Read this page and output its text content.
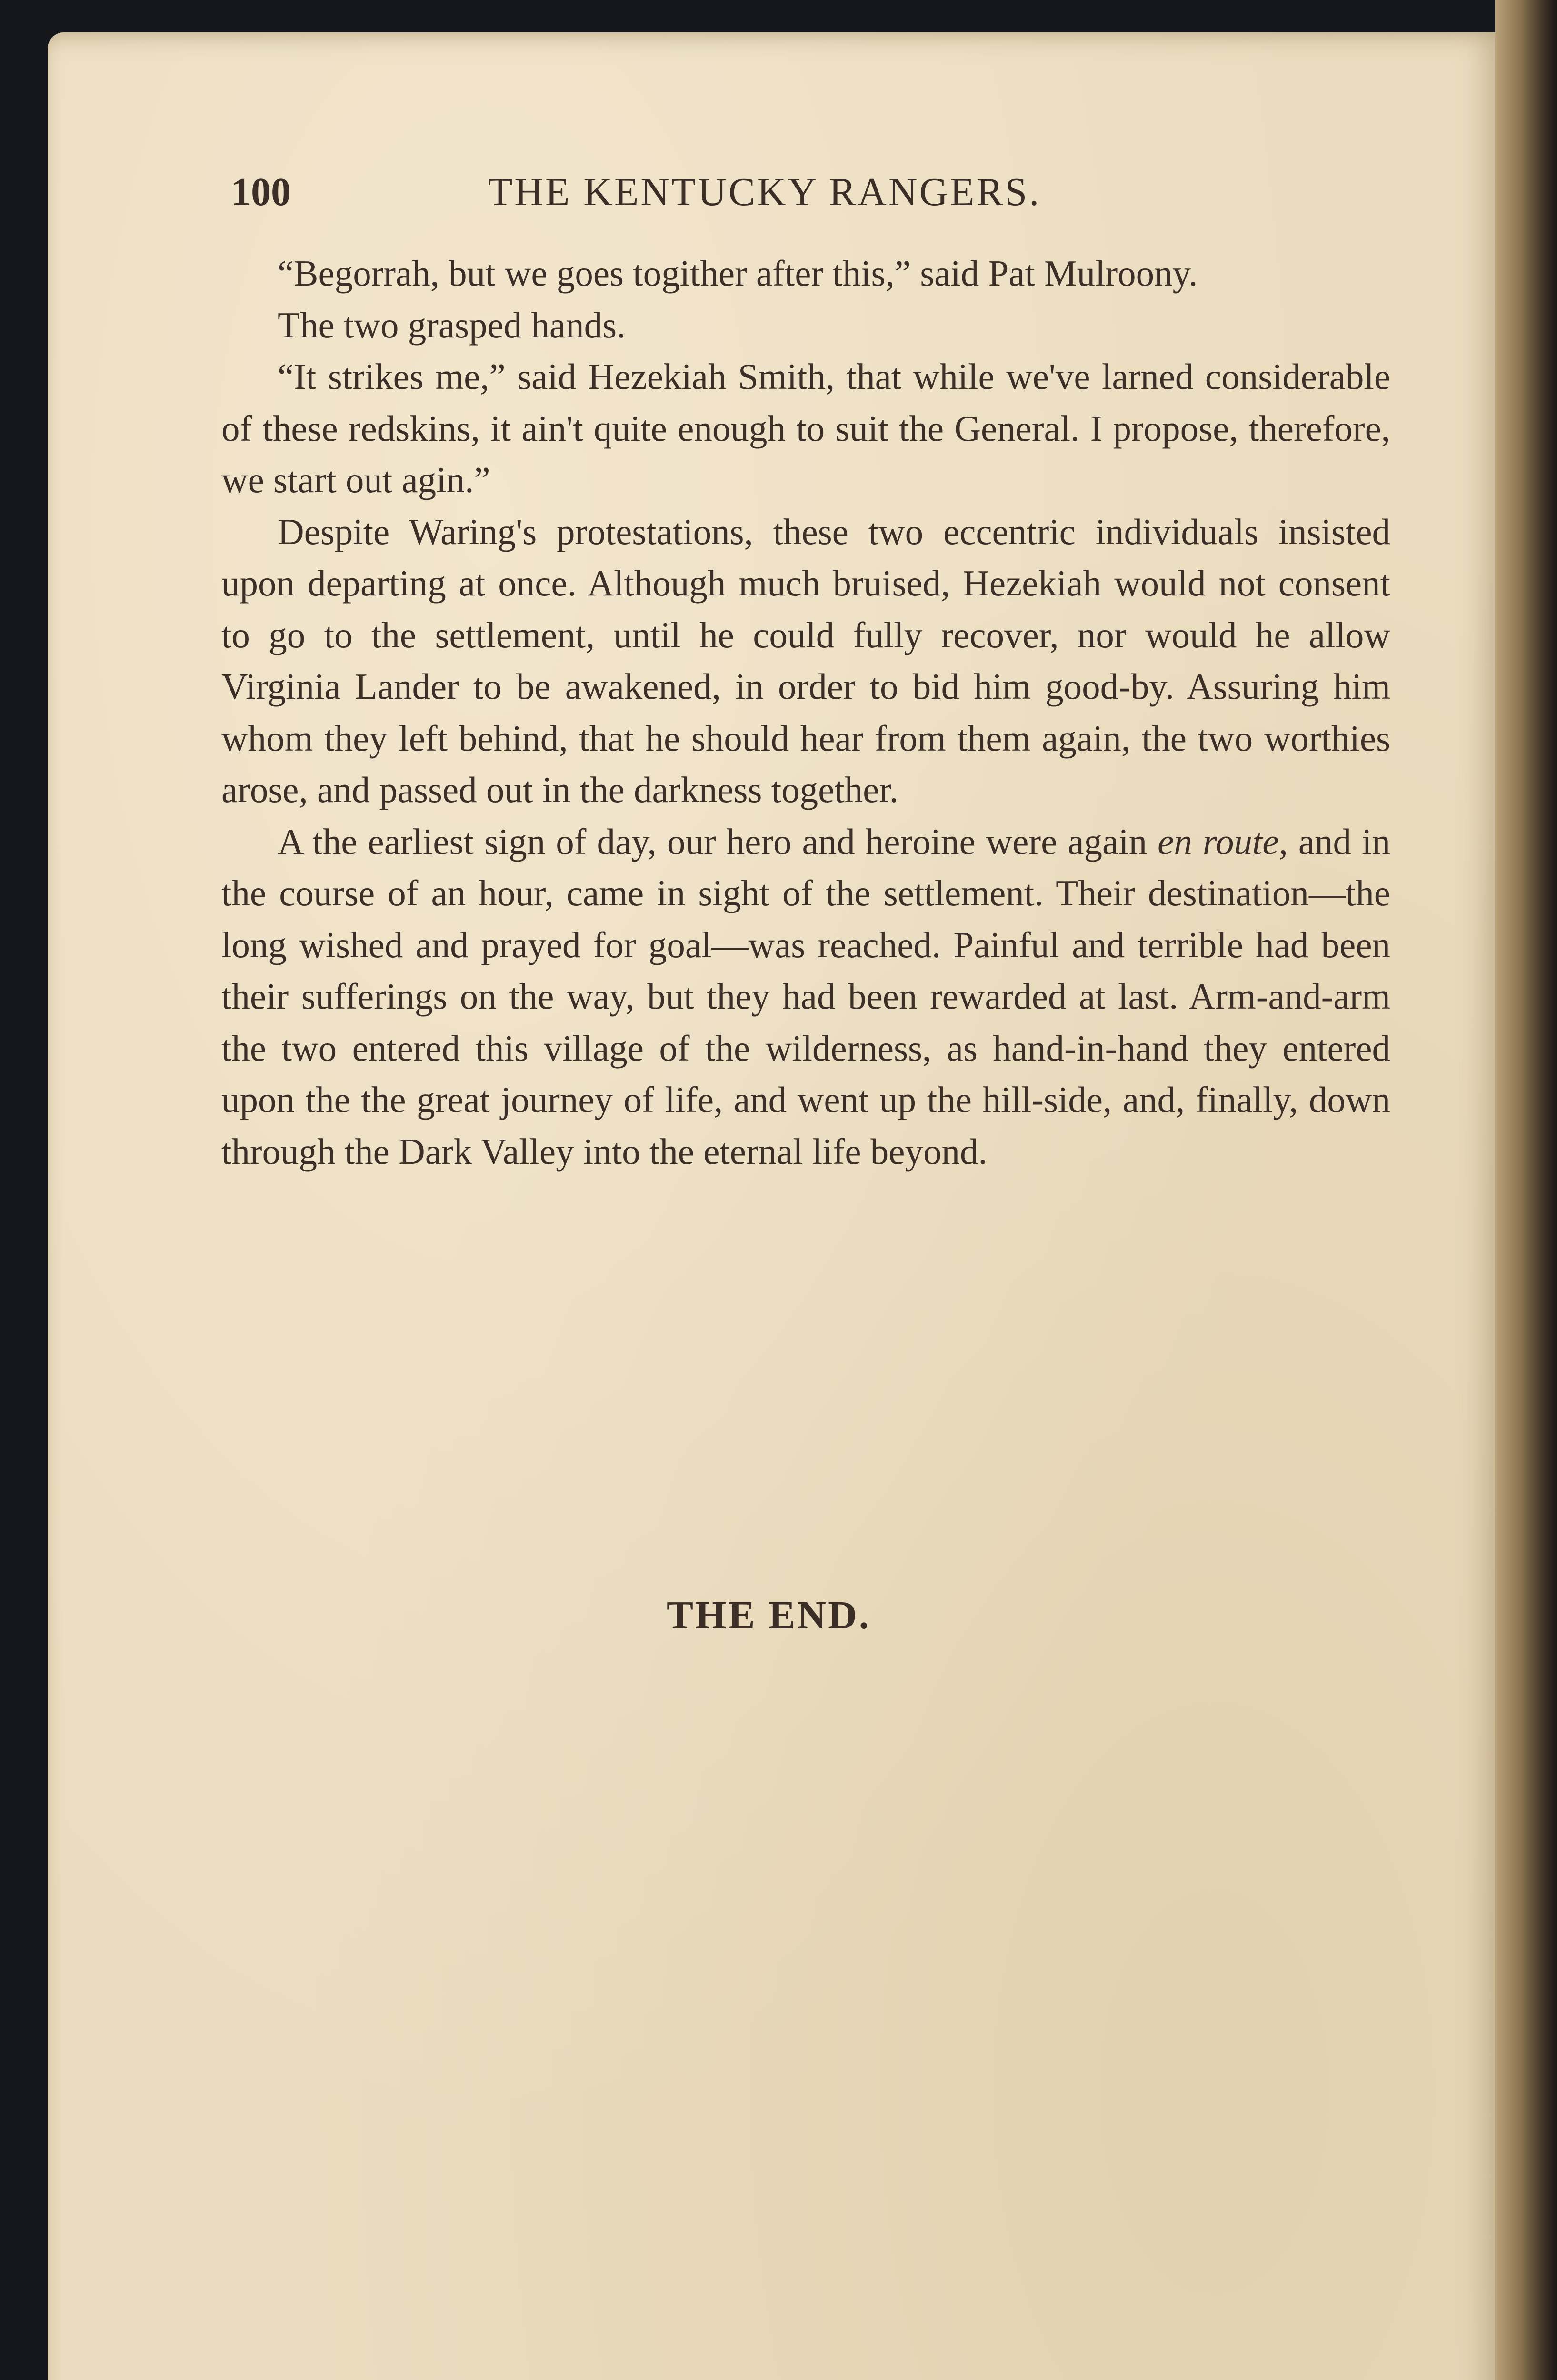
100	THE KENTUCKY RANGERS.

“Begorrah, but we goes togither after this,” said Pat Mulroony.

The two grasped hands.

“It strikes me,” said Hezekiah Smith, that while we've larned considerable of these redskins, it ain't quite enough to suit the General. I propose, therefore, we start out agin.”

Despite Waring's protestations, these two eccentric individuals insisted upon departing at once. Although much bruised, Hezekiah would not consent to go to the settlement, until he could fully recover, nor would he allow Virginia Lander to be awakened, in order to bid him good-by. Assuring him whom they left behind, that he should hear from them again, the two worthies arose, and passed out in the darkness together.

A the earliest sign of day, our hero and heroine were again en route, and in the course of an hour, came in sight of the settlement. Their destination—the long wished and prayed for goal—was reached. Painful and terrible had been their sufferings on the way, but they had been rewarded at last. Arm-and-arm the two entered this village of the wilderness, as hand-in-hand they entered upon the the great journey of life, and went up the hill-side, and, finally, down through the Dark Valley into the eternal life beyond.

THE END.
